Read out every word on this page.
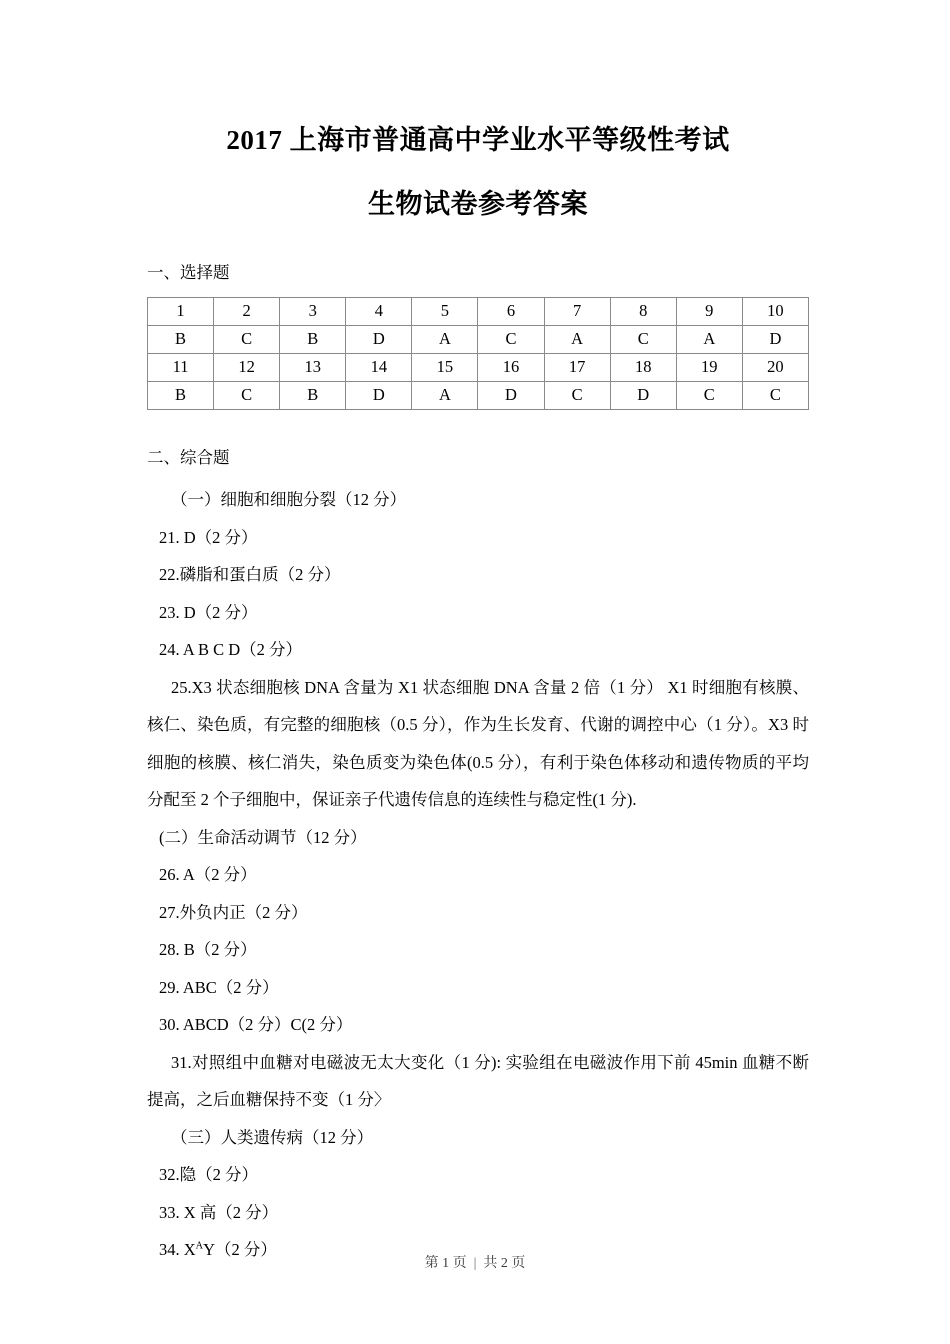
2017 上海市普通高中学业水平等级性考试
生物试卷参考答案
一、选择题
1	2	3	4	5	6	7	8	9	10
B	C	B	D	A	C	A	C	A	D
11	12	13	14	15	16	17	18	19	20
B	C	B	D	A	D	C	D	C	C
二、综合题

（一）细胞和细胞分裂（12 分）

21. D（2 分）

22.磷脂和蛋白质（2 分）

23. D（2 分）

24. A B C D（2 分）

25.X3 状态细胞核 DNA 含量为 X1 状态细胞 DNA 含量 2 倍（1 分） X1 时细胞有核膜、核仁、染色质，有完整的细胞核（0.5 分），作为生长发育、代谢的调控中心（1 分）。X3 时细胞的核膜、核仁消失，染色质变为染色体(0.5 分），有利于染色体移动和遗传物质的平均分配至 2 个子细胞中，保证亲子代遗传信息的连续性与稳定性(1 分).

(二）生命活动调节（12 分）

26. A（2 分）

27.外负内正（2 分）

28. B（2 分）

29. ABC（2 分）

30. ABCD（2 分）C(2 分）

31.对照组中血糖对电磁波无太大变化（1 分): 实验组在电磁波作用下前 45min 血糖不断提高，之后血糖保持不变（1 分〉

（三）人类遗传病（12 分）

32.隐（2 分）

33. X 高（2 分）

34. $X^AY(2$ 分）

第 1 页 | 共 2 页
